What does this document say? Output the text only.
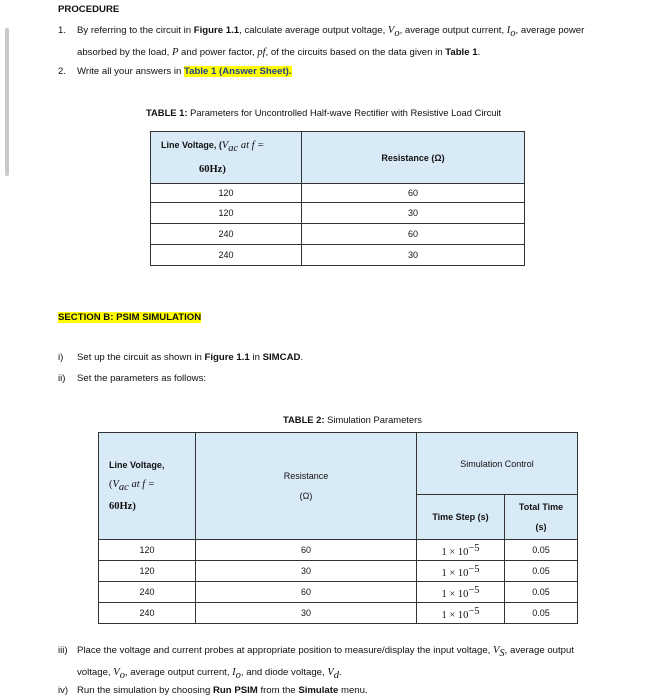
PROCEDURE
1. By referring to the circuit in Figure 1.1, calculate average output voltage, $V_o$, average output current, $I_o$, average power
absorbed by the load, P and power factor, pf, of the circuits based on the data given in Table 1.
2. Write all your answers in Table 1 (Answer Sheet).
TABLE 1: Parameters for Uncontrolled Half-wave Rectifier with Resistive Load Circuit
Line Voltage, ($V_{ac}$ at f =
60Hz)	Resistance (Ω)
120	60
120	30
240	60
240	30
SECTION B: PSIM SIMULATION
i)	Set up the circuit as shown in Figure 1.1 in SIMCAD.
ii)	Set the parameters as follows:
TABLE 2: Simulation Parameters
Line Voltage,
($V_{ac}$ at f =
60Hz)	Resistance
(Ω)	Simulation Control	
		Time Step (s)	Total Time
(s)
120	60	$1 \times 10^{-5}$	0.05
120	30	$1 \times 10^{-5}$	0.05
240	60	$1 \times 10^{-5}$	0.05
240	30	$1 \times 10^{-5}$	0.05
iii) Place the voltage and current probes at appropriate position to measure/display the input voltage, $V_S$, average output
voltage, $V_o$, average output current, $I_o$, and diode voltage, $V_d$.
iv) Run the simulation by choosing Run PSIM from the Simulate menu.
